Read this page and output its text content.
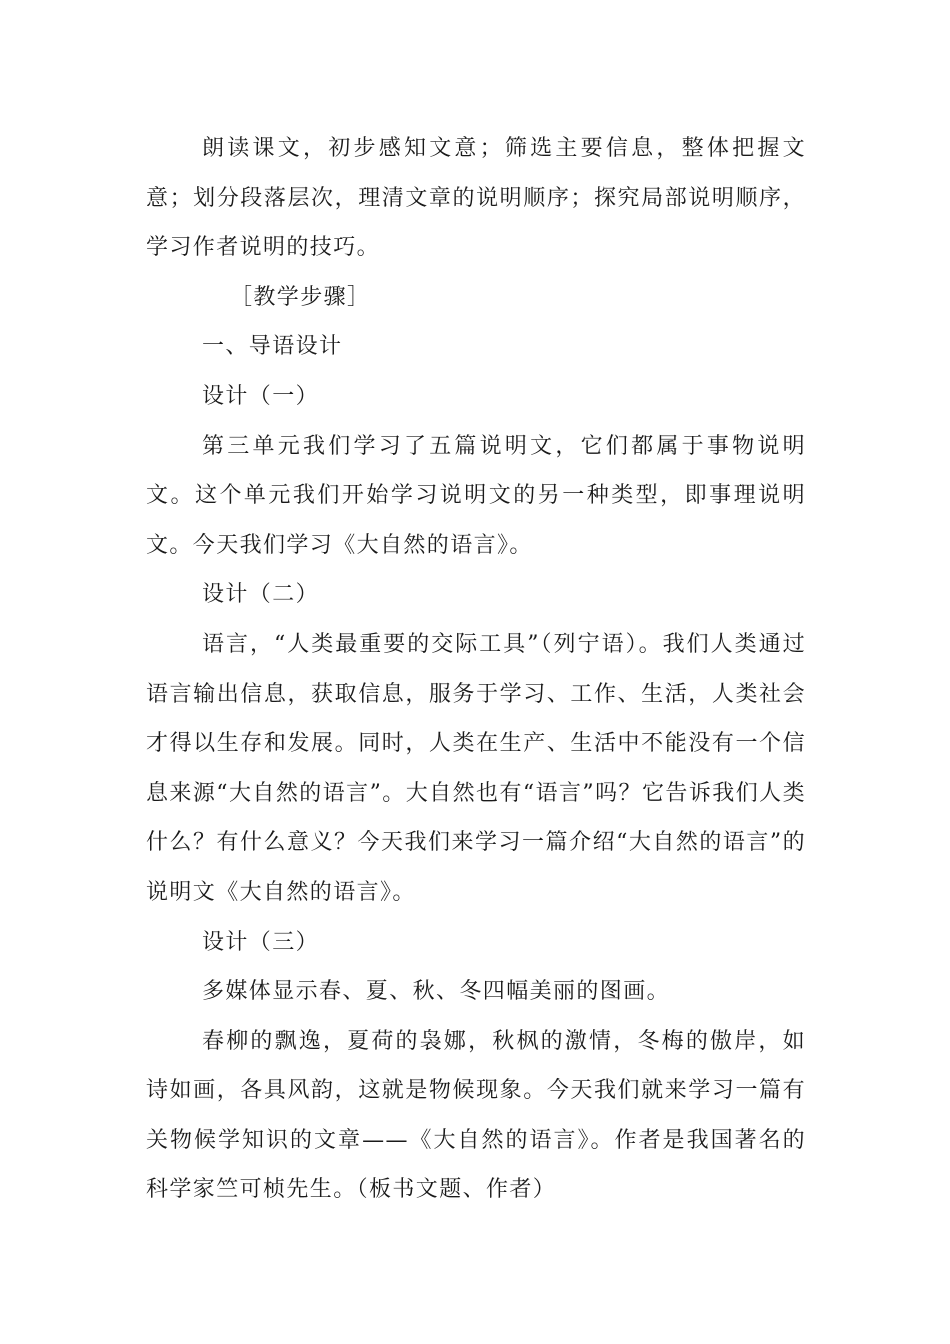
朗读课文，初步感知文意；筛选主要信息，整体把握文意；划分段落层次，理清文章的说明顺序；探究局部说明顺序，学习作者说明的技巧。

［教学步骤］

一、导语设计

设计（一）

第三单元我们学习了五篇说明文，它们都属于事物说明文。这个单元我们开始学习说明文的另一种类型，即事理说明文。今天我们学习《大自然的语言》。

设计（二）

语言，“人类最重要的交际工具”（列宁语）。我们人类通过语言输出信息，获取信息，服务于学习、工作、生活，人类社会才得以生存和发展。同时，人类在生产、生活中不能没有一个信息来源“大自然的语言”。大自然也有“语言”吗？它告诉我们人类什么？有什么意义？今天我们来学习一篇介绍“大自然的语言”的说明文《大自然的语言》。

设计（三）

多媒体显示春、夏、秋、冬四幅美丽的图画。

春柳的飘逸，夏荷的袅娜，秋枫的激情，冬梅的傲岸，如诗如画，各具风韵，这就是物候现象。今天我们就来学习一篇有关物候学知识的文章——《大自然的语言》。作者是我国著名的科学家竺可桢先生。（板书文题、作者）
